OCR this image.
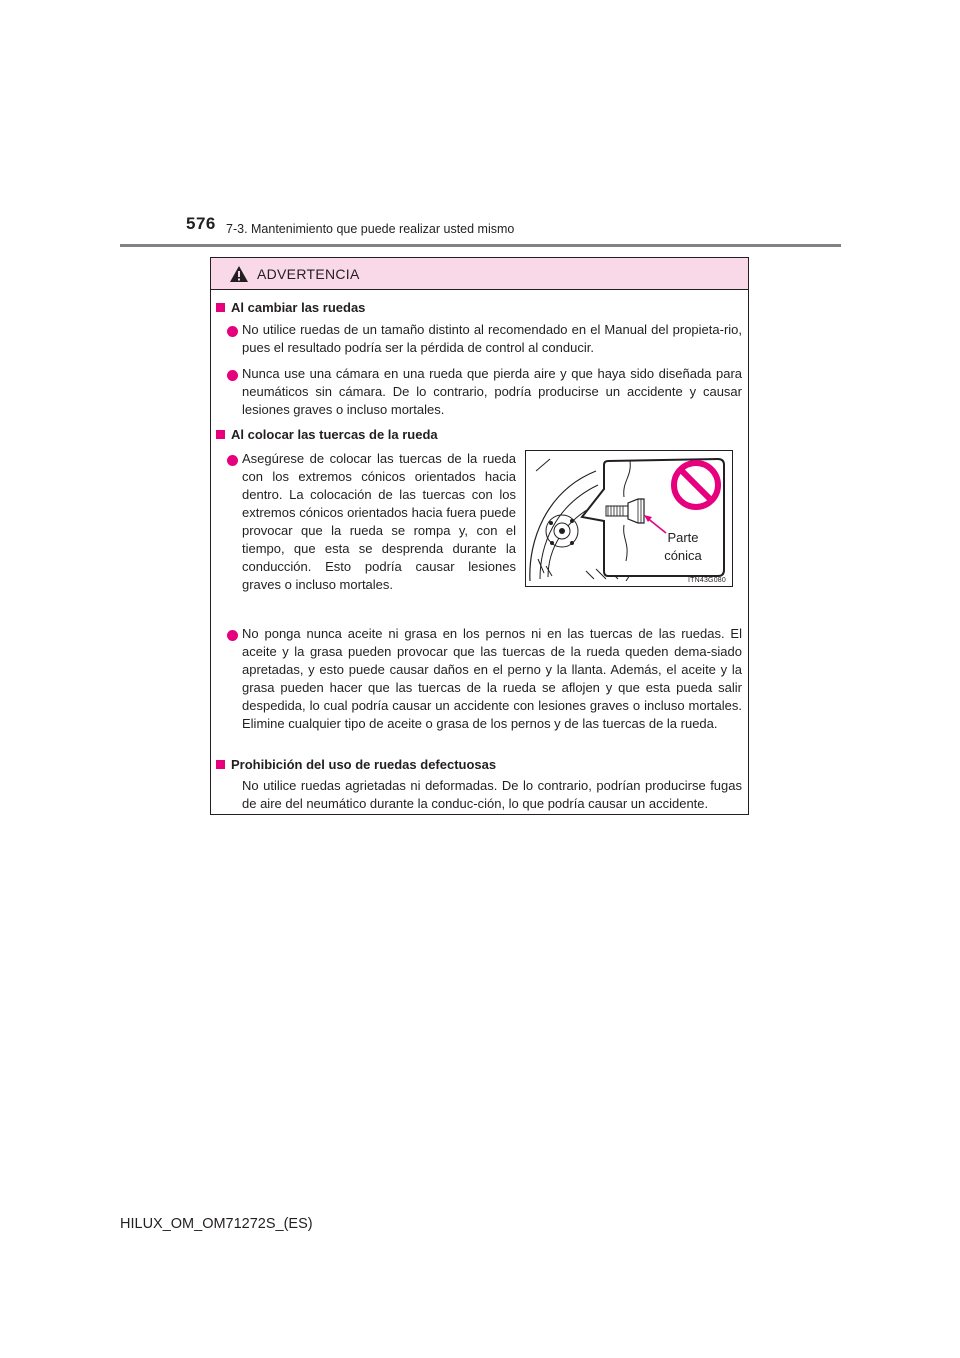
576 7-3. Mantenimiento que puede realizar usted mismo
ADVERTENCIA
Al cambiar las ruedas
No utilice ruedas de un tamaño distinto al recomendado en el Manual del propieta-rio, pues el resultado podría ser la pérdida de control al conducir.
Nunca use una cámara en una rueda que pierda aire y que haya sido diseñada para neumáticos sin cámara. De lo contrario, podría producirse un accidente y causar lesiones graves o incluso mortales.
Al colocar las tuercas de la rueda
Asegúrese de colocar las tuercas de la rueda con los extremos cónicos orientados hacia dentro. La colocación de las tuercas con los extremos cónicos orientados hacia fuera puede provocar que la rueda se rompa y, con el tiempo, que esta se desprenda durante la conducción. Esto podría causar lesiones graves o incluso mortales.
Parte
cónica
ITN43G080
No ponga nunca aceite ni grasa en los pernos ni en las tuercas de las ruedas. El aceite y la grasa pueden provocar que las tuercas de la rueda queden dema-siado apretadas, y esto puede causar daños en el perno y la llanta. Además, el aceite y la grasa pueden hacer que las tuercas de la rueda se aflojen y que esta pueda salir despedida, lo cual podría causar un accidente con lesiones graves o incluso mortales. Elimine cualquier tipo de aceite o grasa de los pernos y de las tuercas de la rueda.
Prohibición del uso de ruedas defectuosas
No utilice ruedas agrietadas ni deformadas. De lo contrario, podrían producirse fugas de aire del neumático durante la conduc-ción, lo que podría causar un accidente.
HILUX_OM_OM71272S_(ES)
